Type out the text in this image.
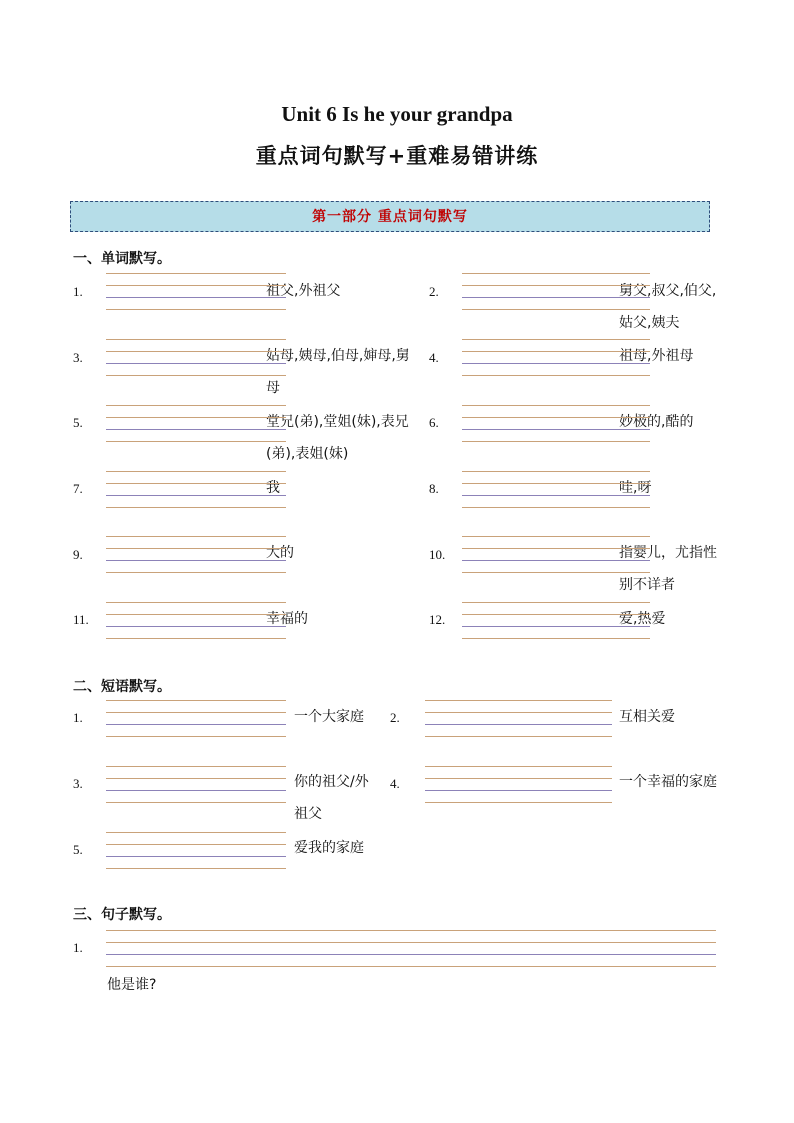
Unit 6 Is he your grandpa
重点词句默写+重难易错讲练
第一部分 重点词句默写
一、单词默写。
二、短语默写。
三、句子默写。
1.	祖父,外祖父	2.	舅父,叔父,伯父,姑父,姨夫
3.	姑母,姨母,伯母,婶母,舅母
4.	祖母,外祖母
5.	堂兄(弟),堂姐(妹),表兄(弟),表姐(妹)
6.	妙极的,酷的
7.	我	8.	哇,呀
9.	大的	10.	指婴儿，尤指性别不详者
11.	幸福的	12.	爱,热爱
1.	一个大家庭	2.	互相关爱
3.	你的祖父/外祖父
4.	一个幸福的家庭
5.	爱我的家庭
1.
他是谁?
